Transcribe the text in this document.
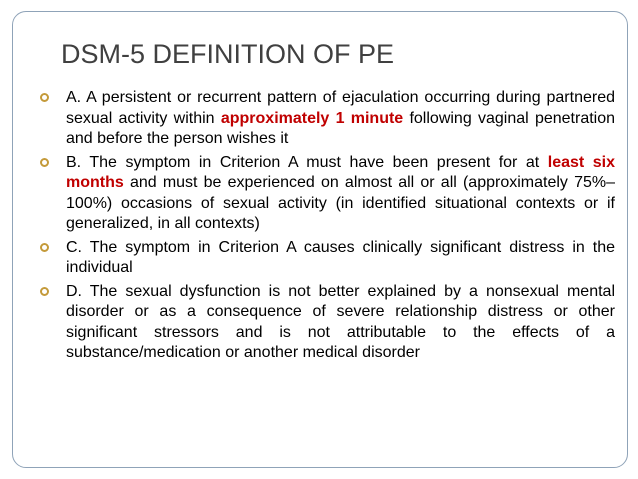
DSM-5 DEFINITION OF PE
A. A persistent or recurrent pattern of ejaculation occurring during partnered sexual activity within approximately 1 minute following vaginal penetration and before the person wishes it
B. The symptom in Criterion A must have been present for at least six months and must be experienced on almost all or all (approximately 75%–100%) occasions of sexual activity (in identified situational contexts or if generalized, in all contexts)
C. The symptom in Criterion A causes clinically significant distress in the individual
D. The sexual dysfunction is not better explained by a nonsexual mental disorder or as a consequence of severe relationship distress or other significant stressors and is not attributable to the effects of a substance/medication or another medical disorder
